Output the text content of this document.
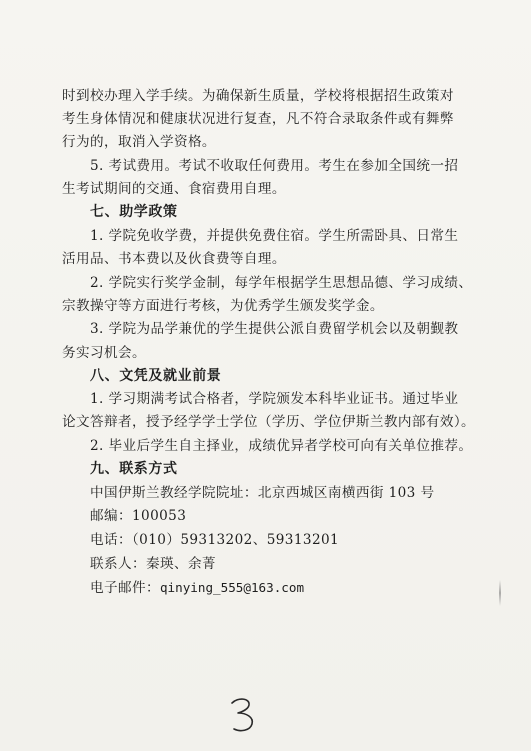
时到校办理入学手续。为确保新生质量，学校将根据招生政策对
考生身体情况和健康状况进行复查，凡不符合录取条件或有舞弊
行为的，取消入学资格。
5. 考试费用。考试不收取任何费用。考生在参加全国统一招
生考试期间的交通、食宿费用自理。
七、助学政策
1. 学院免收学费，并提供免费住宿。学生所需卧具、日常生
活用品、书本费以及伙食费等自理。
2. 学院实行奖学金制，每学年根据学生思想品德、学习成绩、
宗教操守等方面进行考核，为优秀学生颁发奖学金。
3. 学院为品学兼优的学生提供公派自费留学机会以及朝觐教
务实习机会。
八、文凭及就业前景
1. 学习期满考试合格者，学院颁发本科毕业证书。通过毕业
论文答辩者，授予经学学士学位（学历、学位伊斯兰教内部有效）。
2. 毕业后学生自主择业，成绩优异者学校可向有关单位推荐。
九、联系方式
中国伊斯兰教经学院院址：北京西城区南横西街 103 号
邮编：100053
电话：（010）59313202、59313201
联系人：秦瑛、余菁
电子邮件：qinying_555@163.com
